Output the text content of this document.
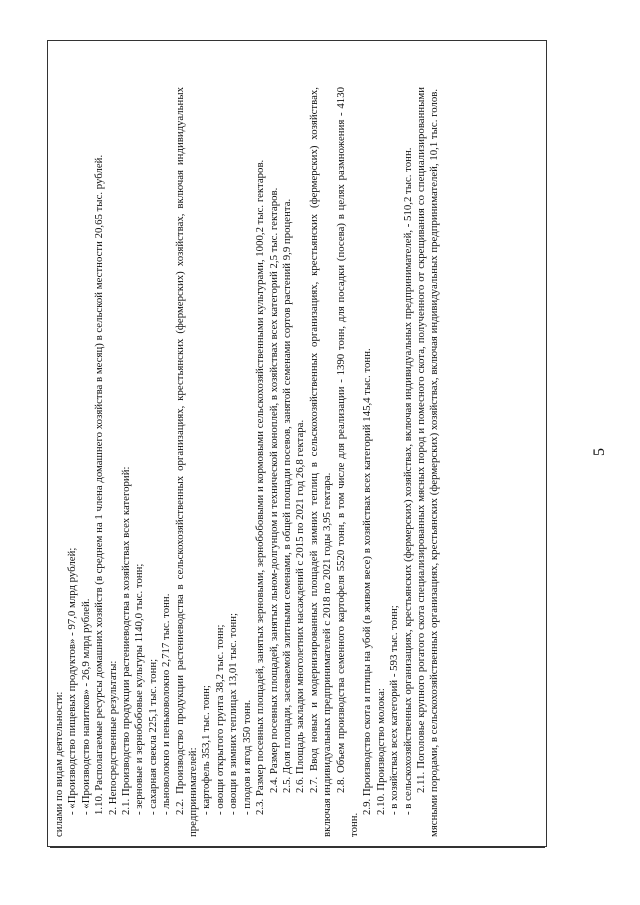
5

силами по видам деятельности: - «Производство пищевых продуктов» - 97,0 млрд рублей; - «Производство напитков» - 26,9 млрд рублей. 1.10. Располагаемые ресурсы домашних хозяйств (в среднем на 1 члена домашнего хозяйства в месяц) в сельской местности 20,65 тыс. рублей. 2. Непосредственные результаты: 2.1. Производство продукции растениеводства в хозяйствах всех категорий: - зерновые и зернобобовые культуры 1140,0 тыс. тонн; - сахарная свекла 225,1 тыс. тонн; - льноволокно и пеньковолокно 2,717 тыс. тонн. 2.2. Производство продукции растениеводства в сельскохозяйственных организациях, крестьянских (фермерских) хозяйствах, включая индивидуальных предпринимателей: - картофель 353,1 тыс. тонн; - овощи открытого грунта 38,2 тыс. тонн; - овощи в зимних теплицах 13,01 тыс. тонн; - плодов и ягод 350 тонн. 2.3. Размер посевных площадей, занятых зерновыми, зернобобовыми и кормовыми сельскохозяйственными культурами, 1000,2 тыс. гектаров. 2.4. Размер посевных площадей, занятых льном-долгунцом и технической коноплей, в хозяйствах всех категорий 2,5 тыс. гектаров. 2.5. Доля площади, засеваемой элитными семенами, в общей площади посевов, занятой семенами сортов растений 9,9 процента. 2.6. Площадь закладки многолетних насаждений с 2015 по 2021 год 26,8 гектара. 2.7. Ввод новых и модернизированных площадей зимних теплиц в сельскохозяйственных организациях, крестьянских (фермерских) хозяйствах, включая индивидуальных предпринимателей с 2018 по 2021 годы 3,95 гектара. 2.8. Объем производства семенного картофеля 5520 тонн, в том числе для реализации - 1390 тонн, для посадки (посева) в целях размножения - 4130 тонн.

2.9. Производство скота и птицы на убой (в живом весе) в хозяйствах всех категорий 145,4 тыс. тонн. 2.10. Производство молока: - в хозяйствах всех категорий - 593 тыс. тонн; - в сельскохозяйственных организациях, крестьянских (фермерских) хозяйствах, включая индивидуальных предпринимателей, - 510,2 тыс. тонн. 2.11. Поголовье крупного рогатого скота специализированных мясных пород и помесного скота, полученного от скрещивания со специализированными мясными породами, в сельскохозяйственных организациях, крестьянских (фермерских) хозяйствах, включая индивидуальных предпринимателей, 10,1 тыс. голов.
